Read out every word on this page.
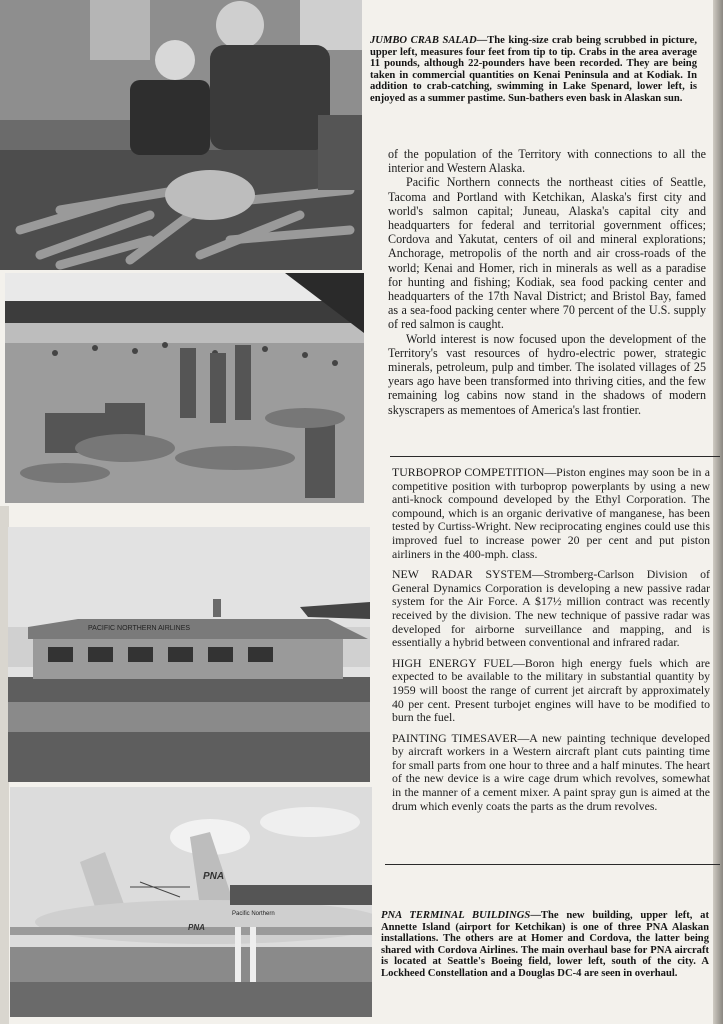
PACIFIC NORTHERN AIRLINES
PNA
PNA
Pacific Northern
JUMBO CRAB SALAD—The king-size crab being scrubbed in picture, upper left, measures four feet from tip to tip. Crabs in the area average 11 pounds, although 22-pounders have been recorded. They are being taken in commercial quantities on Kenai Peninsula and at Kodiak. In addition to crab-catching, swimming in Lake Spenard, lower left, is enjoyed as a summer pastime. Sun-bathers even bask in Alaskan sun.

of the population of the Territory with connections to all the interior and Western Alaska.

Pacific Northern connects the northeast cities of Seattle, Tacoma and Portland with Ketchikan, Alaska's first city and world's salmon capital; Juneau, Alaska's capital city and headquarters for federal and territorial government offices; Cordova and Yakutat, centers of oil and mineral explorations; Anchorage, metropolis of the north and air cross-roads of the world; Kenai and Homer, rich in minerals as well as a paradise for hunting and fishing; Kodiak, sea food packing center and headquarters of the 17th Naval District; and Bristol Bay, famed as a sea-food packing center where 70 percent of the U.S. supply of red salmon is caught.

World interest is now focused upon the development of the Territory's vast resources of hydro-electric power, strategic minerals, petroleum, pulp and timber. The isolated villages of 25 years ago have been transformed into thriving cities, and the few remaining log cabins now stand in the shadows of modern skyscrapers as mementoes of America's last frontier.

TURBOPROP COMPETITION—Piston engines may soon be in a competitive position with turboprop powerplants by using a new anti-knock compound developed by the Ethyl Corporation. The compound, which is an organic derivative of manganese, has been tested by Curtiss-Wright. New reciprocating engines could use this improved fuel to increase power 20 per cent and put piston airliners in the 400-mph. class.

NEW RADAR SYSTEM—Stromberg-Carlson Division of General Dynamics Corporation is developing a new passive radar system for the Air Force. A $17½ million contract was recently received by the division. The new technique of passive radar was developed for airborne surveillance and mapping, and is essentially a hybrid between conventional and infrared radar.

HIGH ENERGY FUEL—Boron high energy fuels which are expected to be available to the military in substantial quantity by 1959 will boost the range of current jet aircraft by approximately 40 per cent. Present turbojet engines will have to be modified to burn the fuel.

PAINTING TIMESAVER—A new painting technique developed by aircraft workers in a Western aircraft plant cuts painting time for small parts from one hour to three and a half minutes. The heart of the new device is a wire cage drum which revolves, somewhat in the manner of a cement mixer. A paint spray gun is aimed at the drum which evenly coats the parts as the drum revolves.

PNA TERMINAL BUILDINGS—The new building, upper left, at Annette Island (airport for Ketchikan) is one of three PNA Alaskan installations. The others are at Homer and Cordova, the latter being shared with Cordova Airlines. The main overhaul base for PNA aircraft is located at Seattle's Boeing field, lower left, south of the city. A Lockheed Constellation and a Douglas DC-4 are seen in overhaul.
